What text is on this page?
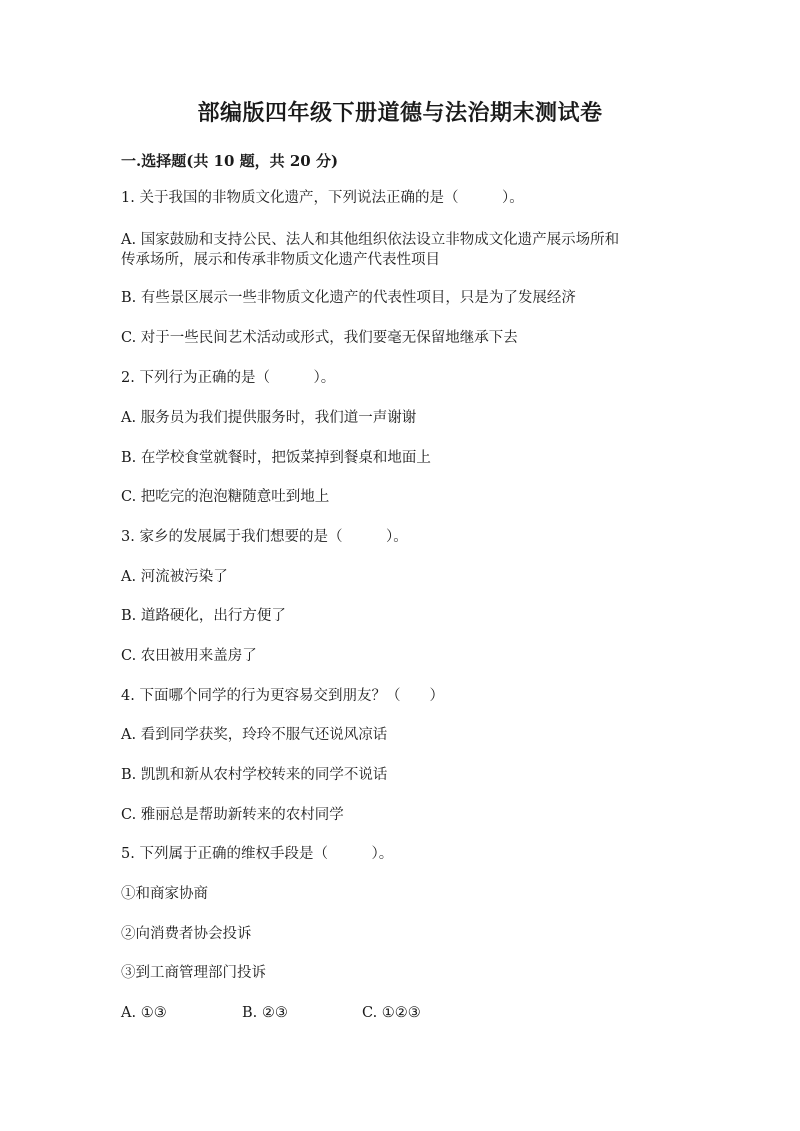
部编版四年级下册道德与法治期末测试卷
一.选择题(共 10 题，共 20 分)
1. 关于我国的非物质文化遗产，下列说法正确的是（　　　）。
A. 国家鼓励和支持公民、法人和其他组织依法设立非物成文化遗产展示场所和
传承场所，展示和传承非物质文化遗产代表性项目
B. 有些景区展示一些非物质文化遗产的代表性项目，只是为了发展经济
C. 对于一些民间艺术活动或形式，我们要毫无保留地继承下去
2. 下列行为正确的是（　　　）。
A. 服务员为我们提供服务时，我们道一声谢谢
B. 在学校食堂就餐时，把饭菜掉到餐桌和地面上
C. 把吃完的泡泡糖随意吐到地上
3. 家乡的发展属于我们想要的是（　　　）。
A. 河流被污染了
B. 道路硬化，出行方便了
C. 农田被用来盖房了
4. 下面哪个同学的行为更容易交到朋友？（　　）
A. 看到同学获奖，玲玲不服气还说风凉话
B. 凯凯和新从农村学校转来的同学不说话
C. 雅丽总是帮助新转来的农村同学
5. 下列属于正确的维权手段是（　　　）。
①和商家协商
②向消费者协会投诉
③到工商管理部门投诉
A. ①③	B. ②③	C. ①②③
